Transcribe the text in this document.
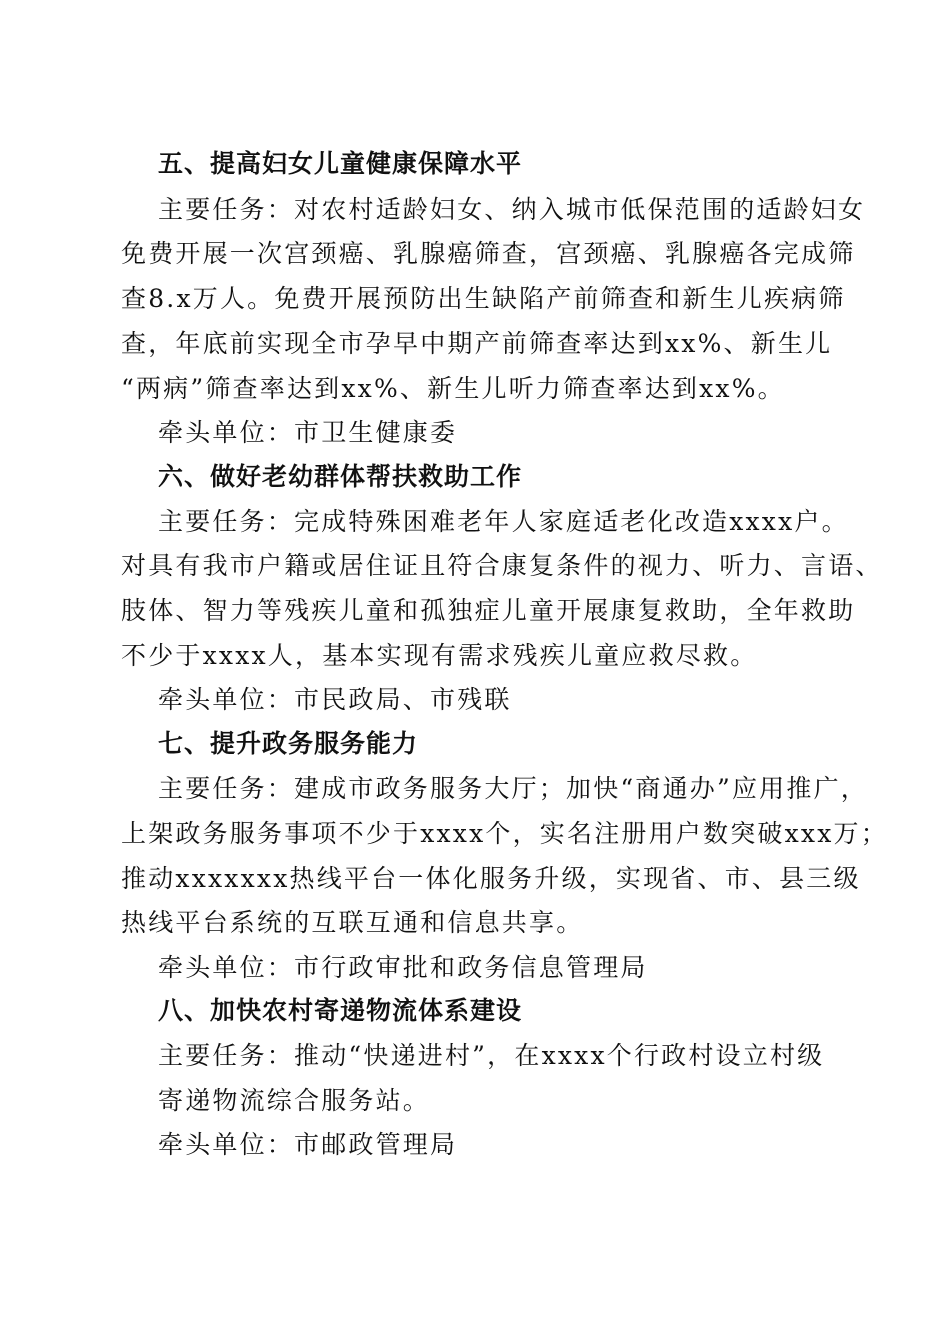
五、提高妇女儿童健康保障水平
主要任务：对农村适龄妇女、纳入城市低保范围的适龄妇女
免费开展一次宫颈癌、乳腺癌筛查，宫颈癌、乳腺癌各完成筛
查8.x万人。免费开展预防出生缺陷产前筛查和新生儿疾病筛
查，年底前实现全市孕早中期产前筛查率达到xx%、新生儿
“两病”筛查率达到xx%、新生儿听力筛查率达到xx%。
牵头单位：市卫生健康委
六、做好老幼群体帮扶救助工作
主要任务：完成特殊困难老年人家庭适老化改造xxxx户。
对具有我市户籍或居住证且符合康复条件的视力、听力、言语、
肢体、智力等残疾儿童和孤独症儿童开展康复救助，全年救助
不少于xxxx人，基本实现有需求残疾儿童应救尽救。
牵头单位：市民政局、市残联
七、提升政务服务能力
主要任务：建成市政务服务大厅；加快“商通办”应用推广，
上架政务服务事项不少于xxxx个，实名注册用户数突破xxx万；
推动xxxxxxx热线平台一体化服务升级，实现省、市、县三级
热线平台系统的互联互通和信息共享。
牵头单位：市行政审批和政务信息管理局
八、加快农村寄递物流体系建设
主要任务：推动“快递进村”，在xxxx个行政村设立村级
寄递物流综合服务站。
牵头单位：市邮政管理局
